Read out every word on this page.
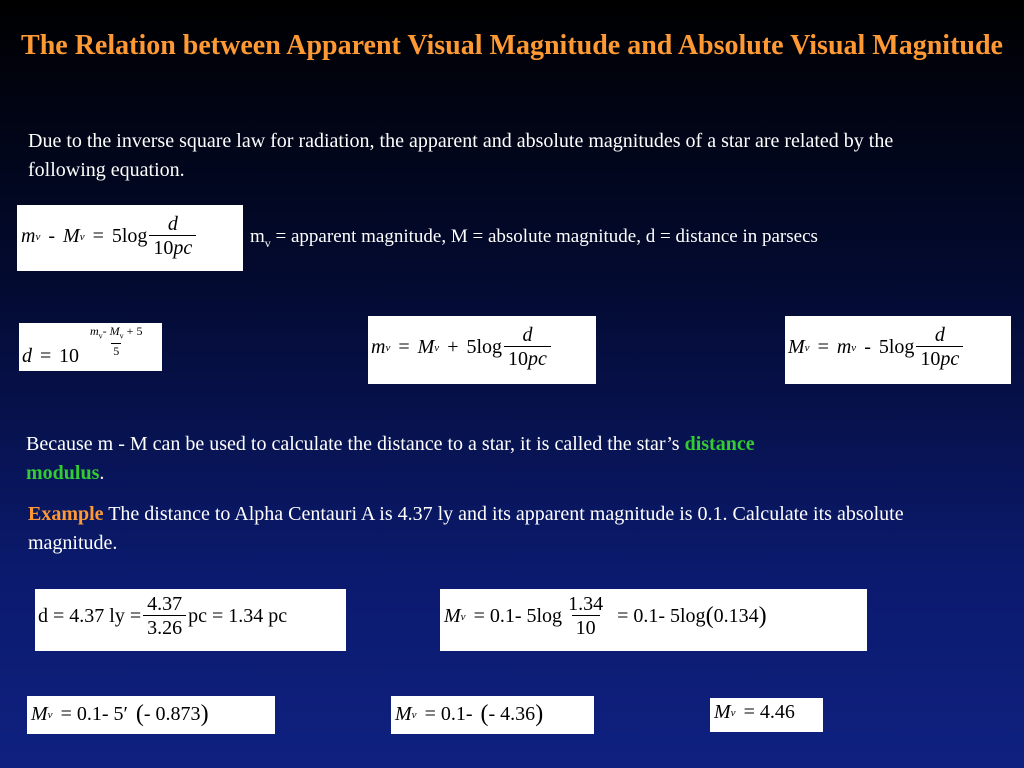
The Relation between Apparent Visual Magnitude and Absolute Visual Magnitude
Due to the inverse square law for radiation, the apparent and absolute magnitudes of a star are related by the following equation.
m v - M $v = 5\log \frac{d}{10pc}$	$m_v$ = apparent magnitude, M = absolute magnitude, d = distance in parsecs
$d = 10 \frac{m_v- M_v + 5}{5}$	m v = M $v + 5\log \frac{d}{10pc}$	M v = m v - $5\log \frac{d}{10pc}$
Because m - M can be used to calculate the distance to a star, it is called the star’s distance
modulus.
Example The distance to Alpha Centauri A is 4.37 ly and its apparent magnitude is 0.1. Calculate its absolute magnitude.
d = 4.37 ly = $\frac{4.37}{3.26}$ pc = 1.34 pc	M v = 0.1- $5\log \frac{1.34}{10} = 0.1-$ 5log ( 0.134 )
M v = 0.1- 5′ ( - 0.873 )	M v = 0.1- ( - 4.36 )	M v = 4.46
